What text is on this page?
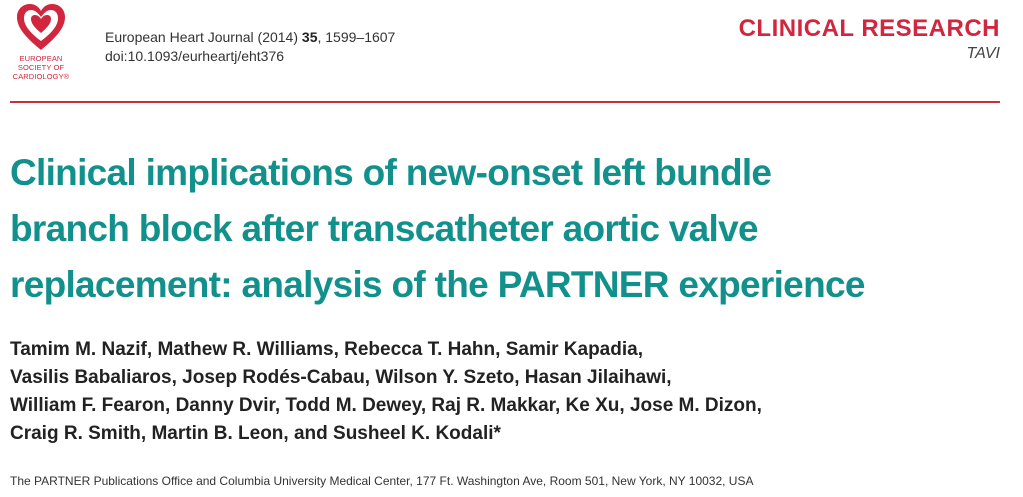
EUROPEAN
SOCIETY OF
CARDIOLOGY®
European Heart Journal (2014) 35, 1599–1607
doi:10.1093/eurheartj/eht376
CLINICAL RESEARCH
TAVI
Clinical implications of new-onset left bundle
branch block after transcatheter aortic valve
replacement: analysis of the PARTNER experience
Tamim M. Nazif, Mathew R. Williams, Rebecca T. Hahn, Samir Kapadia,
Vasilis Babaliaros, Josep Rodés-Cabau, Wilson Y. Szeto, Hasan Jilaihawi,
William F. Fearon, Danny Dvir, Todd M. Dewey, Raj R. Makkar, Ke Xu, Jose M. Dizon,
Craig R. Smith, Martin B. Leon, and Susheel K. Kodali*
The PARTNER Publications Office and Columbia University Medical Center, 177 Ft. Washington Ave, Room 501, New York, NY 10032, USA
